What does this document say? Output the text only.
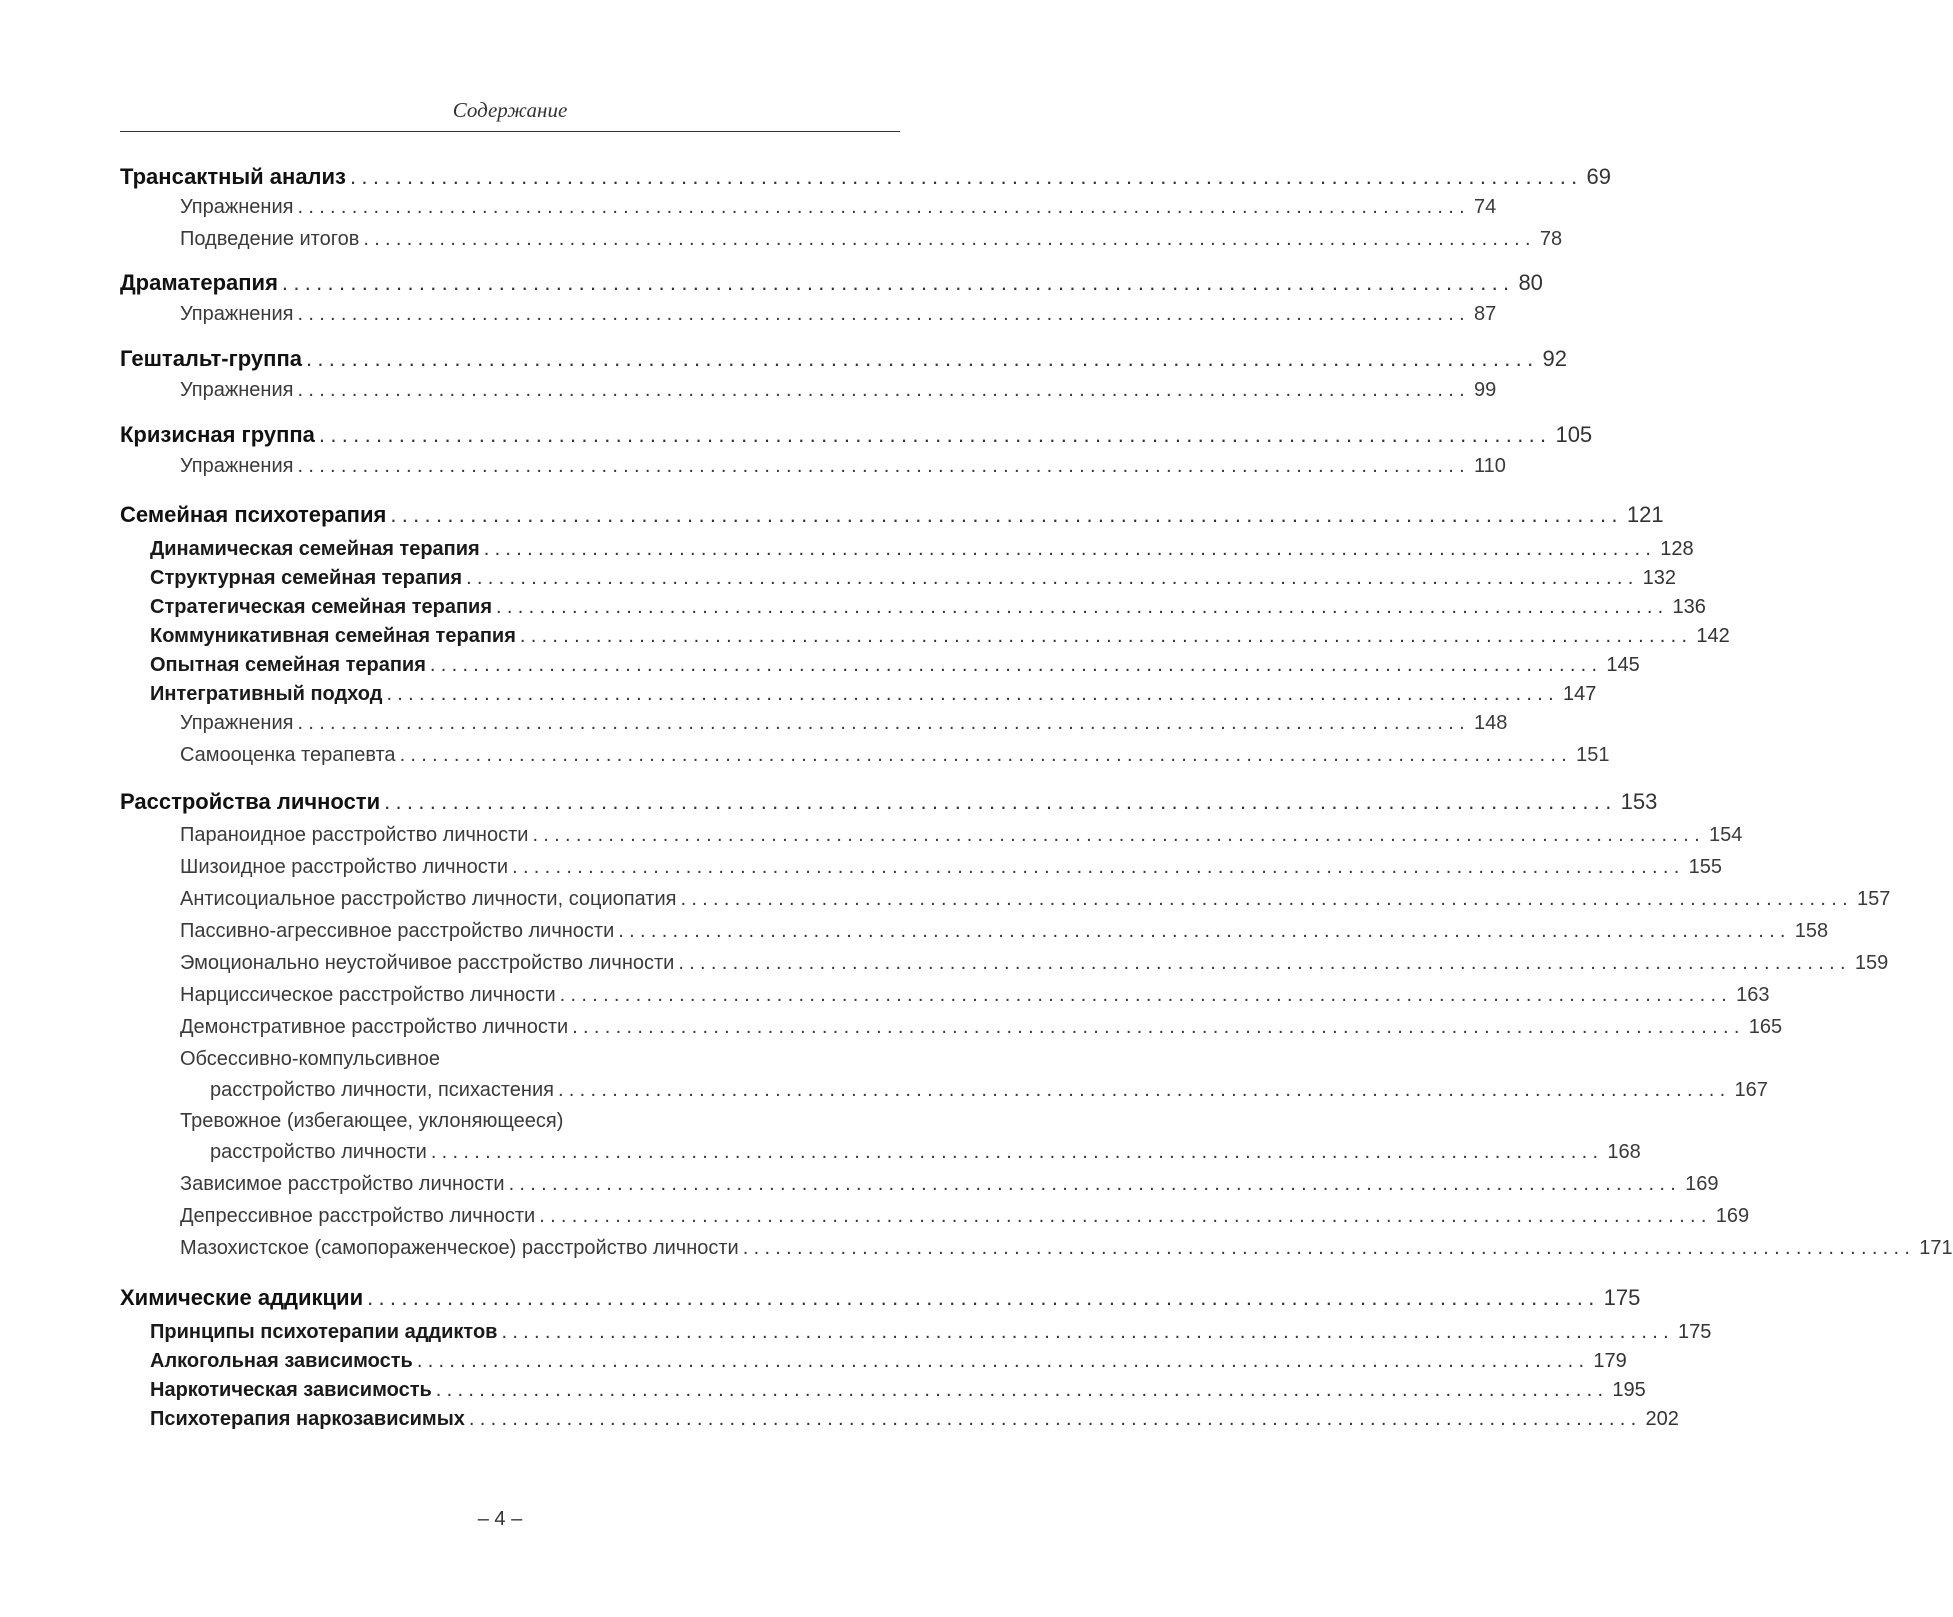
Содержание
Трансактный анализ ............................................................................................................ 69
Упражнения ............................................................................................................ 74
Подведение итогов ............................................................................................................ 78
Драматерапия ............................................................................................................ 80
Упражнения ............................................................................................................ 87
Гештальт-группа ............................................................................................................ 92
Упражнения ............................................................................................................ 99
Кризисная группа ............................................................................................................ 105
Упражнения ............................................................................................................ 110
Семейная психотерапия ............................................................................................................ 121
Динамическая семейная терапия ............................................................................................................ 128
Структурная семейная терапия ............................................................................................................ 132
Стратегическая семейная терапия ............................................................................................................ 136
Коммуникативная семейная терапия ............................................................................................................ 142
Опытная семейная терапия ............................................................................................................ 145
Интегративный подход ............................................................................................................ 147
Упражнения ............................................................................................................ 148
Самооценка терапевта ............................................................................................................ 151
Расстройства личности ............................................................................................................ 153
Параноидное расстройство личности ............................................................................................................ 154
Шизоидное расстройство личности ............................................................................................................ 155
Антисоциальное расстройство личности, социопатия ............................................................................................................ 157
Пассивно-агрессивное расстройство личности ............................................................................................................ 158
Эмоционально неустойчивое расстройство личности ............................................................................................................ 159
Нарциссическое расстройство личности ............................................................................................................ 163
Демонстративное расстройство личности ............................................................................................................ 165
Обсессивно-компульсивное
расстройство личности, психастения ............................................................................................................ 167
Тревожное (избегающее, уклоняющееся)
расстройство личности ............................................................................................................ 168
Зависимое расстройство личности ............................................................................................................ 169
Депрессивное расстройство личности ............................................................................................................ 169
Мазохистское (самопораженческое) расстройство личности ............................................................................................................ 171
Химические аддикции ............................................................................................................ 175
Принципы психотерапии аддиктов ............................................................................................................ 175
Алкогольная зависимость ............................................................................................................ 179
Наркотическая зависимость ............................................................................................................ 195
Психотерапия наркозависимых ............................................................................................................ 202
– 4 –
